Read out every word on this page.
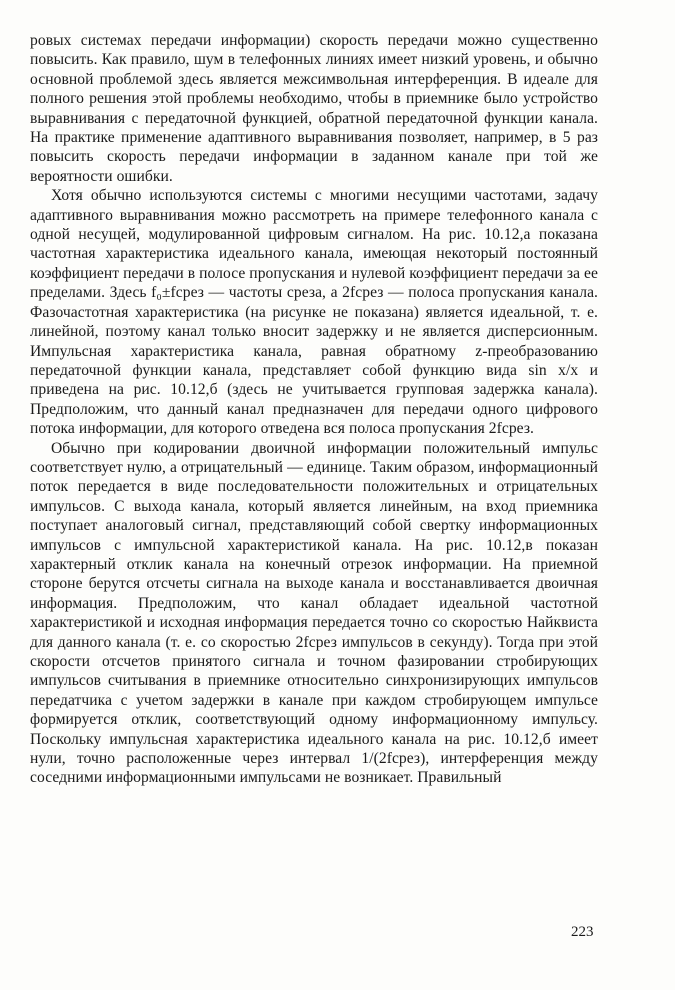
ровых системах передачи информации) скорость передачи можно существенно повысить. Как правило, шум в телефонных линиях имеет низкий уровень, и обычно основной проблемой здесь является межсимвольная интерференция. В идеале для полного решения этой проблемы необходимо, чтобы в приемнике было устройство выравнивания с передаточной функцией, обратной передаточной функции канала. На практике применение адаптивного выравнивания позволяет, например, в 5 раз повысить скорость передачи информации в заданном канале при той же вероятности ошибки.

Хотя обычно используются системы с многими несущими частотами, задачу адаптивного выравнивания можно рассмотреть на примере телефонного канала с одной несущей, модулированной цифровым сигналом. На рис. 10.12,а показана частотная характеристика идеального канала, имеющая некоторый постоянный коэффициент передачи в полосе пропускания и нулевой коэффициент передачи за ее пределами. Здесь f₀±fсрез — частоты среза, а 2fсрез — полоса пропускания канала. Фазочастотная характеристика (на рисунке не показана) является идеальной, т. е. линейной, поэтому канал только вносит задержку и не является дисперсионным. Импульсная характеристика канала, равная обратному z-преобразованию передаточной функции канала, представляет собой функцию вида sin x/x и приведена на рис. 10.12,б (здесь не учитывается групповая задержка канала). Предположим, что данный канал предназначен для передачи одного цифрового потока информации, для которого отведена вся полоса пропускания 2fсрез.

Обычно при кодировании двоичной информации положительный импульс соответствует нулю, а отрицательный — единице. Таким образом, информационный поток передается в виде последовательности положительных и отрицательных импульсов. С выхода канала, который является линейным, на вход приемника поступает аналоговый сигнал, представляющий собой свертку информационных импульсов с импульсной характеристикой канала. На рис. 10.12,в показан характерный отклик канала на конечный отрезок информации. На приемной стороне берутся отсчеты сигнала на выходе канала и восстанавливается двоичная информация. Предположим, что канал обладает идеальной частотной характеристикой и исходная информация передается точно со скоростью Найквиста для данного канала (т. е. со скоростью 2fсрез импульсов в секунду). Тогда при этой скорости отсчетов принятого сигнала и точном фазировании стробирующих импульсов считывания в приемнике относительно синхронизирующих импульсов передатчика с учетом задержки в канале при каждом стробирующем импульсе формируется отклик, соответствующий одному информационному импульсу. Поскольку импульсная характеристика идеального канала на рис. 10.12,б имеет нули, точно расположенные через интервал 1/(2fсрез), интерференция между соседними информационными импульсами не возникает. Правильный

223
